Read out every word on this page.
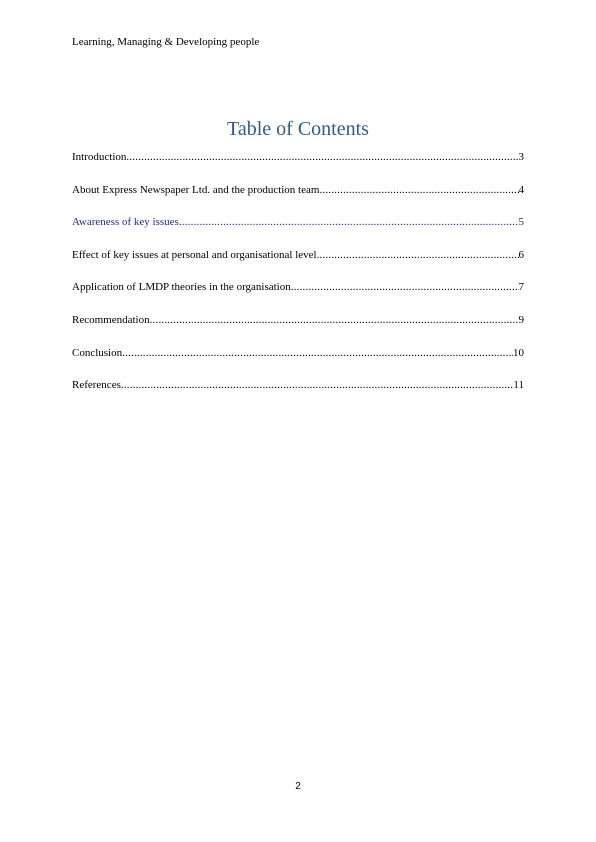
Learning, Managing & Developing people
Table of Contents
Introduction .....	3
About Express Newspaper Ltd. and the production team .....	4
Awareness of key issues .....	5
Effect of key issues at personal and organisational level .....	6
Application of LMDP theories in the organisation .....	7
Recommendation .....	9
Conclusion .....	10
References .....	11
2
